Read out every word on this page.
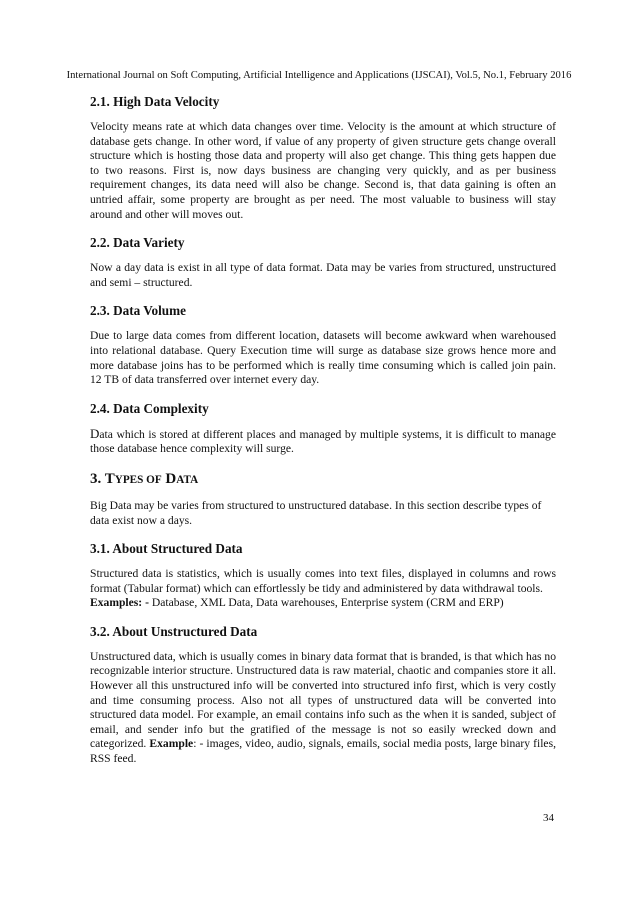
International Journal on Soft Computing, Artificial Intelligence and Applications (IJSCAI), Vol.5, No.1, February 2016
2.1. High Data Velocity

Velocity means rate at which data changes over time. Velocity is the amount at which structure of database gets change. In other word, if value of any property of given structure gets change overall structure which is hosting those data and property will also get change. This thing gets happen due to two reasons. First is, now days business are changing very quickly, and as per business requirement changes, its data need will also be change. Second is, that data gaining is often an untried affair, some property are brought as per need. The most valuable to business will stay around and other will moves out.

2.2. Data Variety

Now a day data is exist in all type of data format. Data may be varies from structured, unstructured and semi – structured.

2.3. Data Volume

Due to large data comes from different location, datasets will become awkward when warehoused into relational database. Query Execution time will surge as database size grows hence more and more database joins has to be performed which is really time consuming which is called join pain. 12 TB of data transferred over internet every day.

2.4. Data Complexity

Data which is stored at different places and managed by multiple systems, it is difficult to manage those database hence complexity will surge.

3. TYPES OF DATA

Big Data may be varies from structured to unstructured database. In this section describe types of data exist now a days.

3.1. About Structured Data

Structured data is statistics, which is usually comes into text files, displayed in columns and rows format (Tabular format) which can effortlessly be tidy and administered by data withdrawal tools.
Examples: - Database, XML Data, Data warehouses, Enterprise system (CRM and ERP)

3.2. About Unstructured Data

Unstructured data, which is usually comes in binary data format that is branded, is that which has no recognizable interior structure. Unstructured data is raw material, chaotic and companies store it all. However all this unstructured info will be converted into structured info first, which is very costly and time consuming process. Also not all types of unstructured data will be converted into structured data model. For example, an email contains info such as the when it is sanded, subject of email, and sender info but the gratified of the message is not so easily wrecked down and categorized. Example: - images, video, audio, signals, emails, social media posts, large binary files, RSS feed.

34
